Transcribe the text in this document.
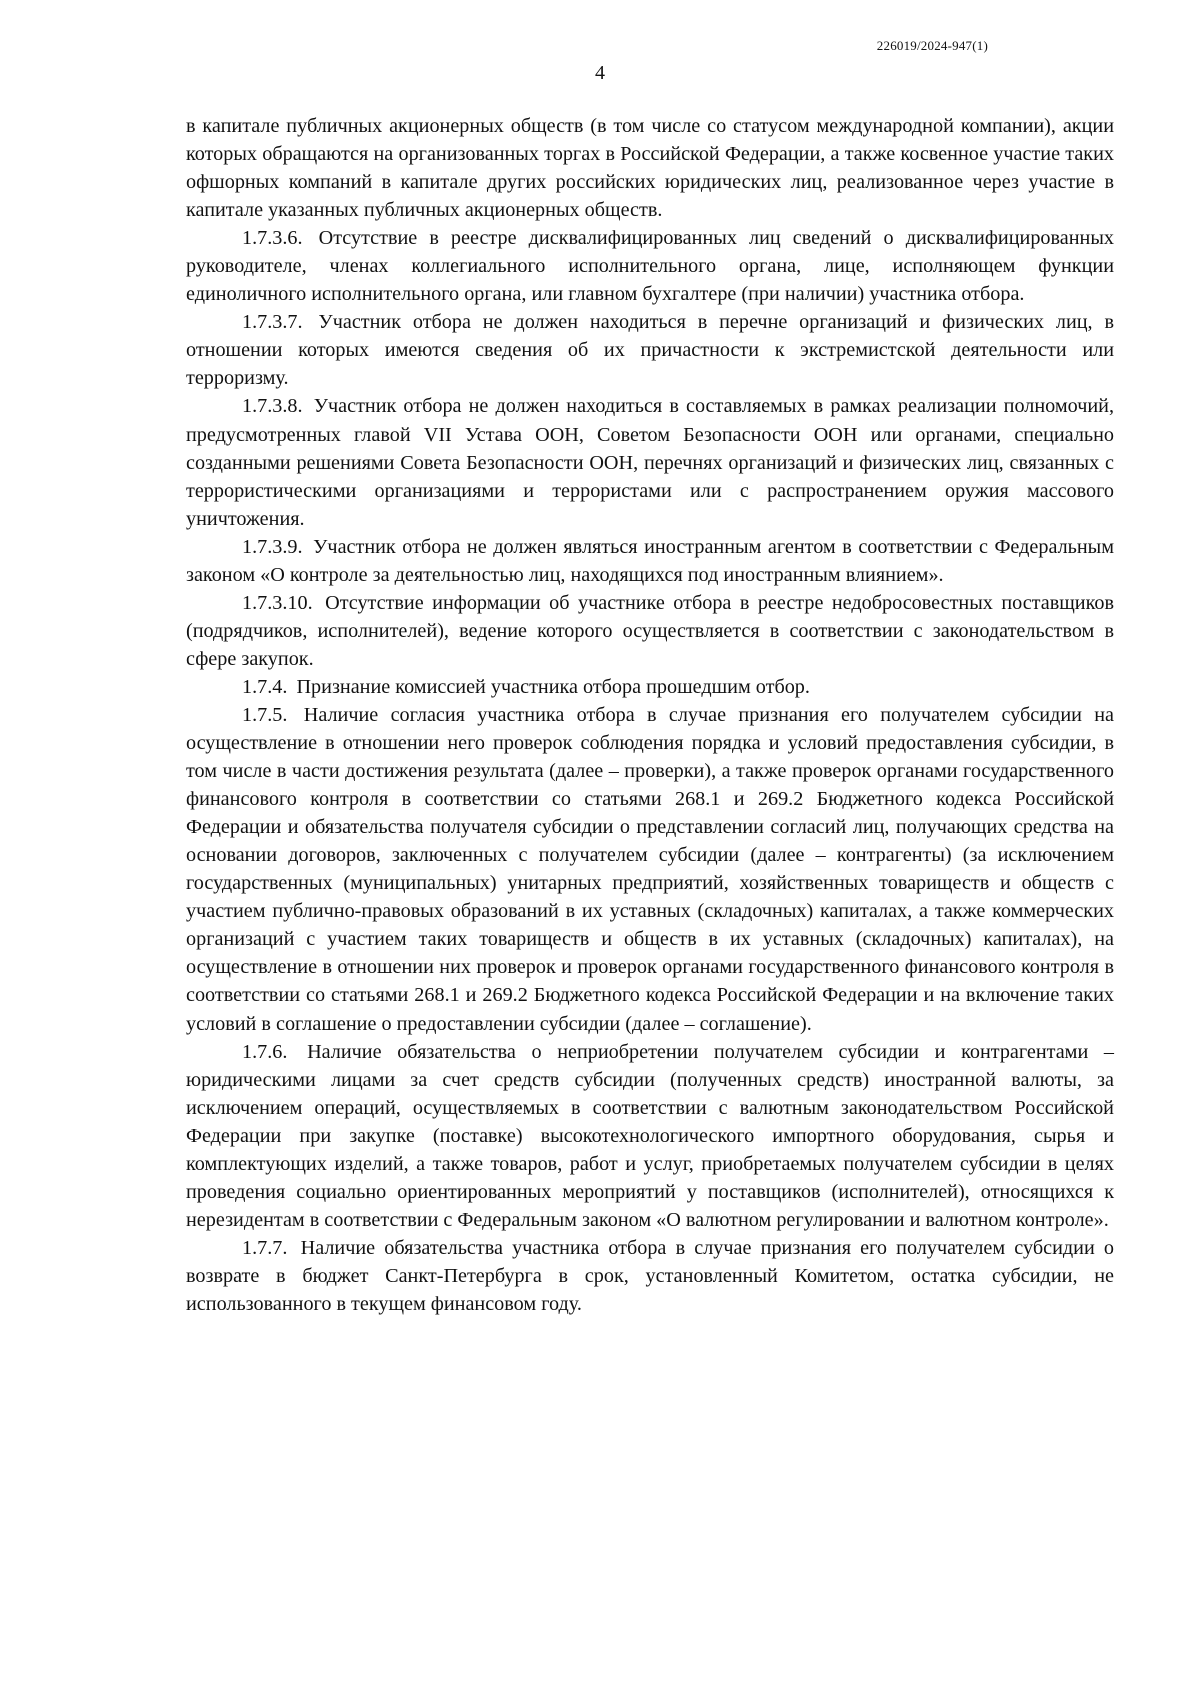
226019/2024-947(1)
4

в капитале публичных акционерных обществ (в том числе со статусом международной компании), акции которых обращаются на организованных торгах в Российской Федерации, а также косвенное участие таких офшорных компаний в капитале других российских юридических лиц, реализованное через участие в капитале указанных публичных акционерных обществ.

1.7.3.6. Отсутствие в реестре дисквалифицированных лиц сведений о дисквалифицированных руководителе, членах коллегиального исполнительного органа, лице, исполняющем функции единоличного исполнительного органа, или главном бухгалтере (при наличии) участника отбора.

1.7.3.7. Участник отбора не должен находиться в перечне организаций и физических лиц, в отношении которых имеются сведения об их причастности к экстремистской деятельности или терроризму.

1.7.3.8. Участник отбора не должен находиться в составляемых в рамках реализации полномочий, предусмотренных главой VII Устава ООН, Советом Безопасности ООН или органами, специально созданными решениями Совета Безопасности ООН, перечнях организаций и физических лиц, связанных с террористическими организациями и террористами или с распространением оружия массового уничтожения.

1.7.3.9. Участник отбора не должен являться иностранным агентом в соответствии с Федеральным законом «О контроле за деятельностью лиц, находящихся под иностранным влиянием».

1.7.3.10. Отсутствие информации об участнике отбора в реестре недобросовестных поставщиков (подрядчиков, исполнителей), ведение которого осуществляется в соответствии с законодательством в сфере закупок.

1.7.4. Признание комиссией участника отбора прошедшим отбор.

1.7.5. Наличие согласия участника отбора в случае признания его получателем субсидии на осуществление в отношении него проверок соблюдения порядка и условий предоставления субсидии, в том числе в части достижения результата (далее – проверки), а также проверок органами государственного финансового контроля в соответствии со статьями 268.1 и 269.2 Бюджетного кодекса Российской Федерации и обязательства получателя субсидии о представлении согласий лиц, получающих средства на основании договоров, заключенных с получателем субсидии (далее – контрагенты) (за исключением государственных (муниципальных) унитарных предприятий, хозяйственных товариществ и обществ с участием публично-правовых образований в их уставных (складочных) капиталах, а также коммерческих организаций с участием таких товариществ и обществ в их уставных (складочных) капиталах), на осуществление в отношении них проверок и проверок органами государственного финансового контроля в соответствии со статьями 268.1 и 269.2 Бюджетного кодекса Российской Федерации и на включение таких условий в соглашение о предоставлении субсидии (далее – соглашение).

1.7.6. Наличие обязательства о неприобретении получателем субсидии и контрагентами – юридическими лицами за счет средств субсидии (полученных средств) иностранной валюты, за исключением операций, осуществляемых в соответствии с валютным законодательством Российской Федерации при закупке (поставке) высокотехнологического импортного оборудования, сырья и комплектующих изделий, а также товаров, работ и услуг, приобретаемых получателем субсидии в целях проведения социально ориентированных мероприятий у поставщиков (исполнителей), относящихся к нерезидентам в соответствии с Федеральным законом «О валютном регулировании и валютном контроле».

1.7.7. Наличие обязательства участника отбора в случае признания его получателем субсидии о возврате в бюджет Санкт-Петербурга в срок, установленный Комитетом, остатка субсидии, не использованного в текущем финансовом году.
